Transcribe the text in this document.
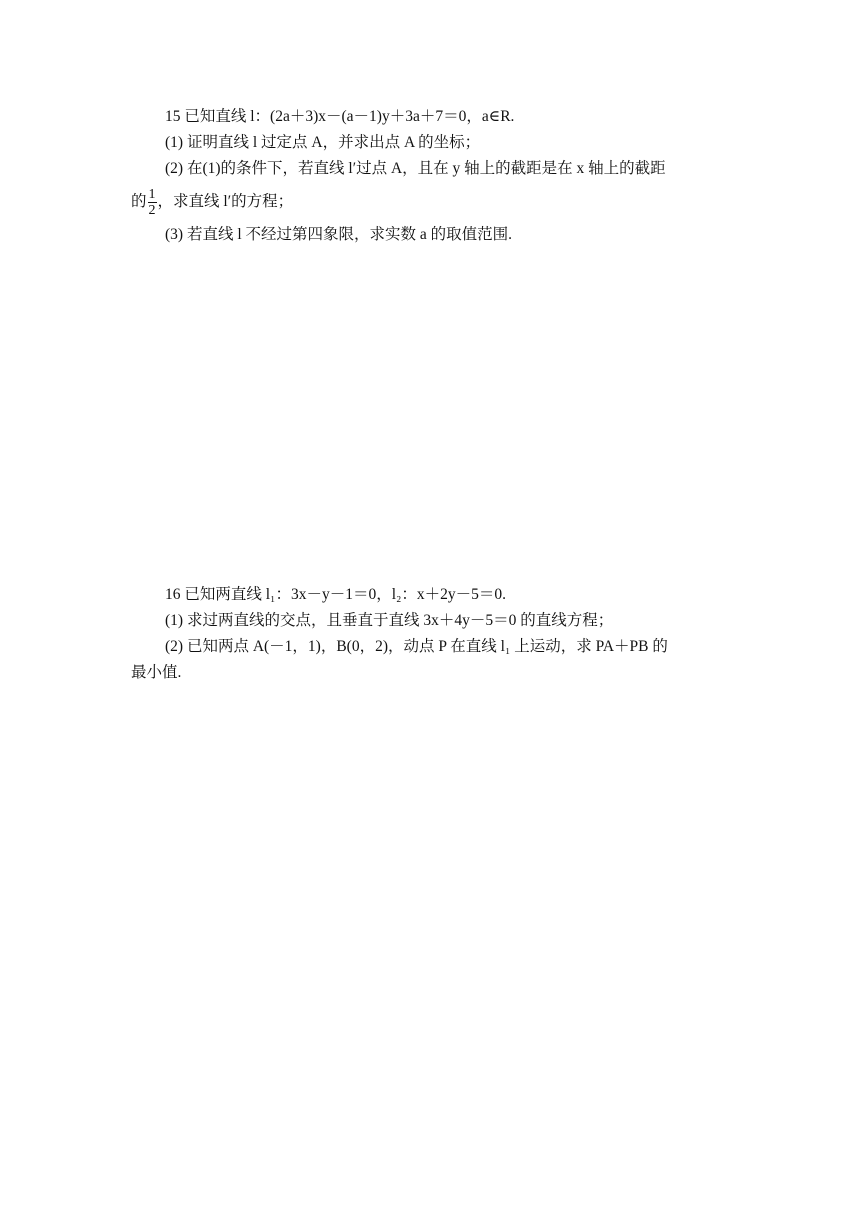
15 已知直线 l：(2a＋3)x－(a－1)y＋3a＋7＝0，a∈R.
(1) 证明直线 l 过定点 A，并求出点 A 的坐标；
(2) 在(1)的条件下，若直线 l′过点 A，且在 y 轴上的截距是在 x 轴上的截距
的 $\frac{1}{2}$ ，求直线 l′的方程；
(3) 若直线 l 不经过第四象限，求实数 a 的取值范围.
16 已知两直线 l₁：3x－y－1＝0，l₂：x＋2y－5＝0.
(1) 求过两直线的交点，且垂直于直线 3x＋4y－5＝0 的直线方程；
(2) 已知两点 A(－1，1)，B(0，2)，动点 P 在直线 l₁ 上运动，求 PA＋PB 的
最小值.
